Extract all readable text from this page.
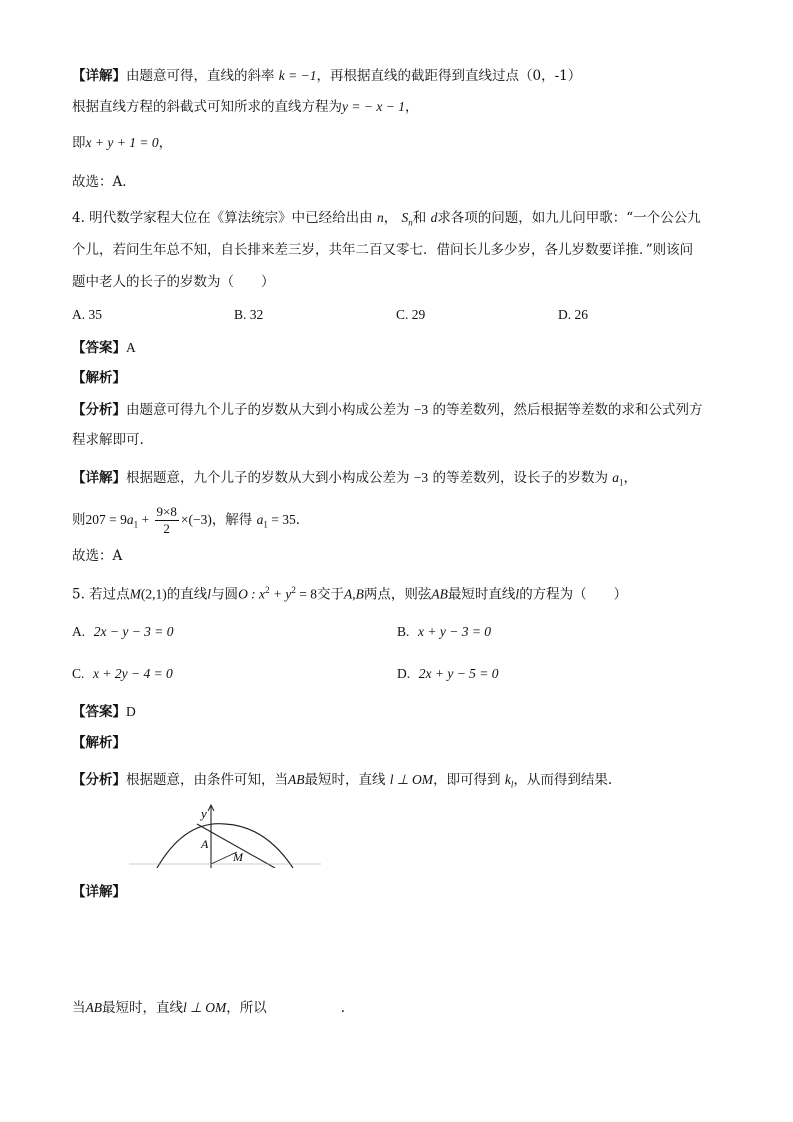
【详解】由题意可得，直线的斜率 k = −1，再根据直线的截距得到直线过点（0，-1）
根据直线方程的斜截式可知所求的直线方程为y = − x − 1，
即x + y + 1 = 0，
故选：A．
4. 明代数学家程大位在《算法统宗》中已经给出由 n， $S_n$和 d求各项的问题，如九儿问甲歌：“一个公公九
个儿，若问生年总不知，自长排来差三岁，共年二百又零七．借问长儿多少岁，各儿岁数要详推．”则该问
题中老人的长子的岁数为（　　）
A. 35	B. 32	C. 29	D. 26
【答案】A
【解析】
【分析】由题意可得九个儿子的岁数从大到小构成公差为 −3 的等差数列，然后根据等差数的求和公式列方
程求解即可.
【详解】根据题意，九个儿子的岁数从大到小构成公差为 −3 的等差数列，设长子的岁数为 $a_1$，
则$207 = 9a_1 + \frac{9\times 8}{2} \times(-3)$，解得 $a_1 = 35$．
故选：A
5. 若过点M(2,1)的直线l与圆O : $x^2 + y^2 = 8$交于A,B两点，则弦AB最短时直线l的方程为（　　）
A. 2x − y − 3 = 0	B. x + y − 3 = 0
C. x + 2y − 4 = 0	D. 2x + y − 5 = 0
【答案】D
【解析】
【分析】根据题意，由条件可知，当AB最短时，直线 l ⊥ OM，即可得到 $k_l$，从而得到结果.
y
A
M
【详解】
当AB最短时，直线l ⊥ OM，所以	.
